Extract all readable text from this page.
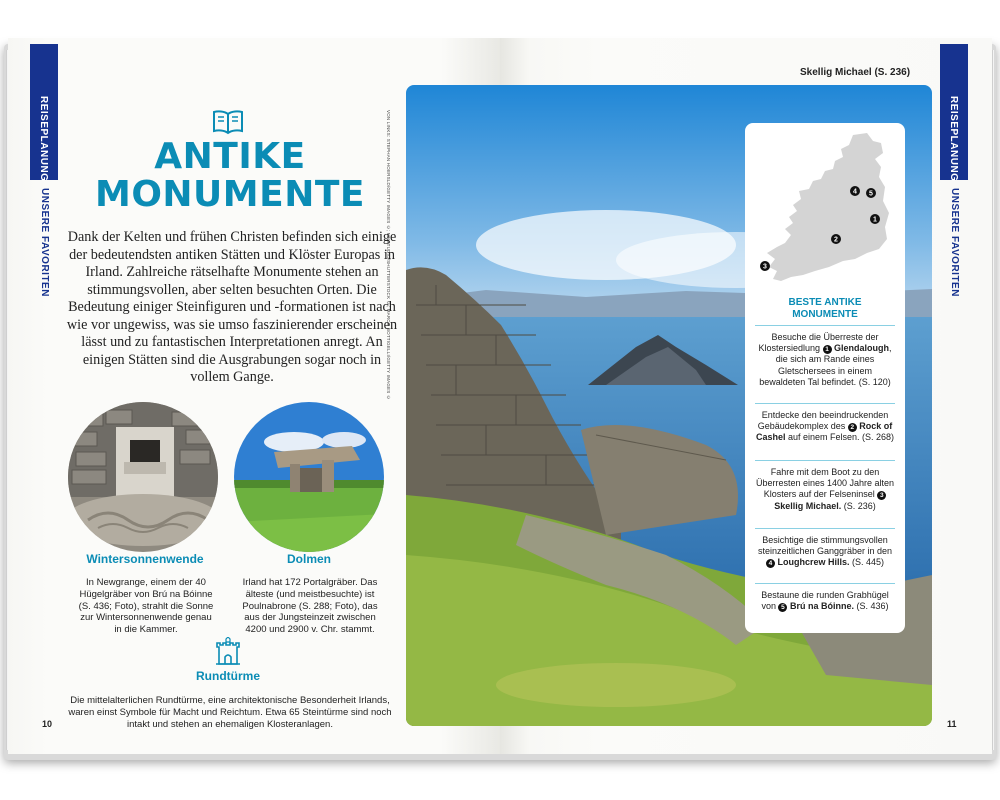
REISEPLANUNG
UNSERE FAVORITEN
ANTIKE
MONUMENTE

Dank der Kelten und frühen Christen befinden sich einige der bedeutendsten antiken Stätten und Klöster Europas in Irland. Zahlreiche rätselhafte Monumente stehen an stimmungsvollen, aber selten besuchten Orten. Die Bedeutung einiger Steinfiguren und -formationen ist nach wie vor ungewiss, was sie umso faszinierender erscheinen lässt und zu fantastischen Interpretationen anregt. An einigen Stätten sind die Ausgrabungen sogar noch in vollem Gange.

Wintersonnenwende
In Newgrange, einem der 40 Hügelgräber von Brú na Bóinne (S. 436; Foto), strahlt die Sonne zur Wintersonnenwende genau in die Kammer.
Dolmen
Irland hat 172 Portalgräber. Das älteste (und meistbesuchte) ist Poulnabrone (S. 288; Foto), das aus der Jungsteinzeit zwischen 4200 und 2900 v. Chr. stammt.
Rundtürme
Die mittelalterlichen Rundtürme, eine architektonische Besonderheit Irlands, waren einst Symbole für Macht und Reichtum. Etwa 65 Steintürme sind noch intakt und stehen an ehemaligen Klosteranlagen.
10
VON LINKS: STEPHAN HOERSLD/GETTY IMAGES ©; MNSTUDIO/SHUTTERSTOCK ©; MARCO BOTTIGELLI/GETTY IMAGES ©
Skellig Michael (S. 236)
REISEPLANUNG
UNSERE FAVORITEN
1
2
3
4 5
BESTE ANTIKE
MONUMENTE
Besuche die Überreste der Klostersiedlung 1 Glendalough, die sich am Rande eines Gletschersees in einem bewaldeten Tal befindet. (S. 120)
Entdecke den beeindruckenden Gebäudekomplex des 2 Rock of Cashel auf einem Felsen. (S. 268)
Fahre mit dem Boot zu den Überresten eines 1400 Jahre alten Klosters auf der Felseninsel 3 Skellig Michael. (S. 236)
Besichtige die stimmungsvollen steinzeitlichen Ganggräber in den 4 Loughcrew Hills. (S. 445)
Bestaune die runden Grabhügel von 5 Brú na Bóinne. (S. 436)
11
